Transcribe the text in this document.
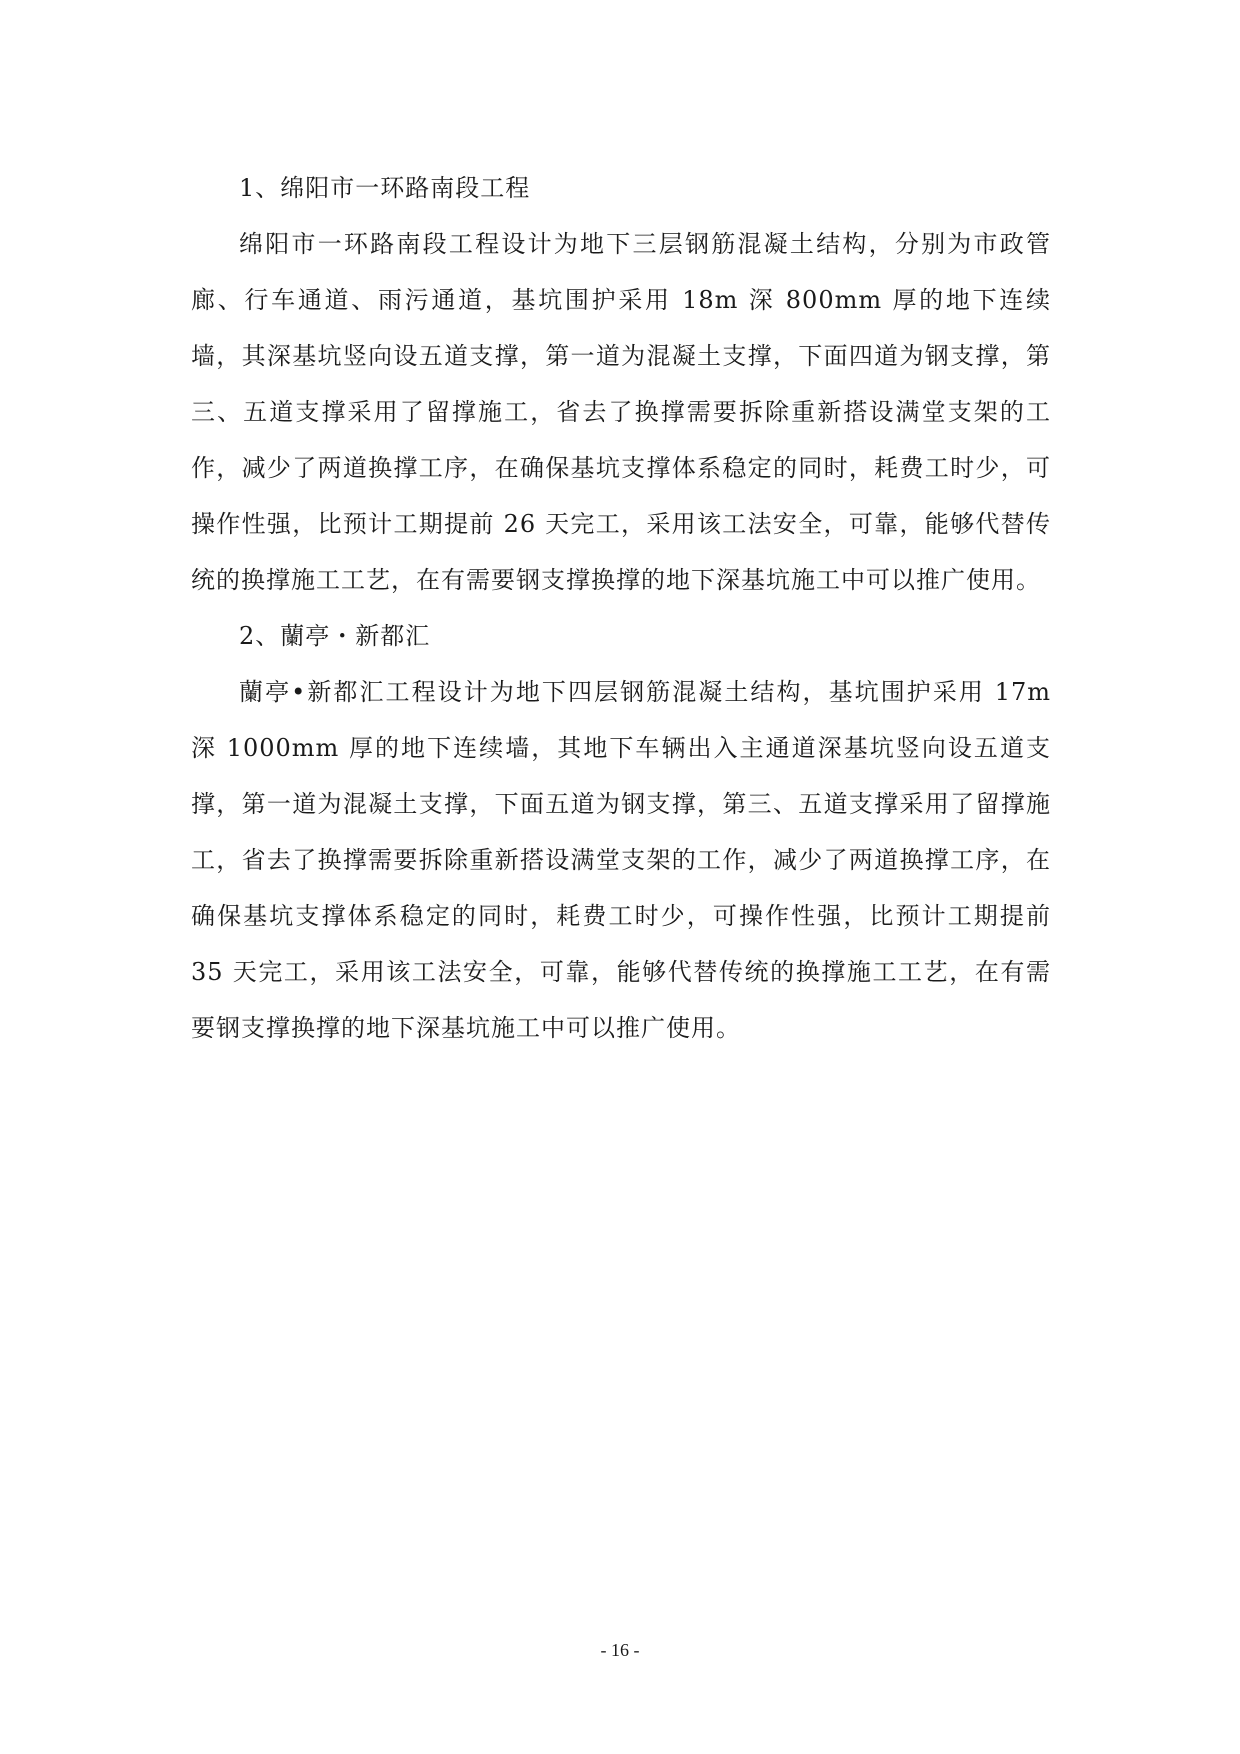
1、绵阳市一环路南段工程

绵阳市一环路南段工程设计为地下三层钢筋混凝土结构，分别为市政管廊、行车通道、雨污通道，基坑围护采用 18m 深 800mm 厚的地下连续墙，其深基坑竖向设五道支撑，第一道为混凝土支撑，下面四道为钢支撑，第三、五道支撑采用了留撑施工，省去了换撑需要拆除重新搭设满堂支架的工作，减少了两道换撑工序，在确保基坑支撑体系稳定的同时，耗费工时少，可操作性强，比预计工期提前 26 天完工，采用该工法安全，可靠，能够代替传统的换撑施工工艺，在有需要钢支撑换撑的地下深基坑施工中可以推广使用。

2、蘭亭・新都汇

蘭亭•新都汇工程设计为地下四层钢筋混凝土结构，基坑围护采用 17m 深 1000mm 厚的地下连续墙，其地下车辆出入主通道深基坑竖向设五道支撑，第一道为混凝土支撑，下面五道为钢支撑，第三、五道支撑采用了留撑施工，省去了换撑需要拆除重新搭设满堂支架的工作，减少了两道换撑工序，在确保基坑支撑体系稳定的同时，耗费工时少，可操作性强，比预计工期提前 35 天完工，采用该工法安全，可靠，能够代替传统的换撑施工工艺，在有需要钢支撑换撑的地下深基坑施工中可以推广使用。

- 16 -
